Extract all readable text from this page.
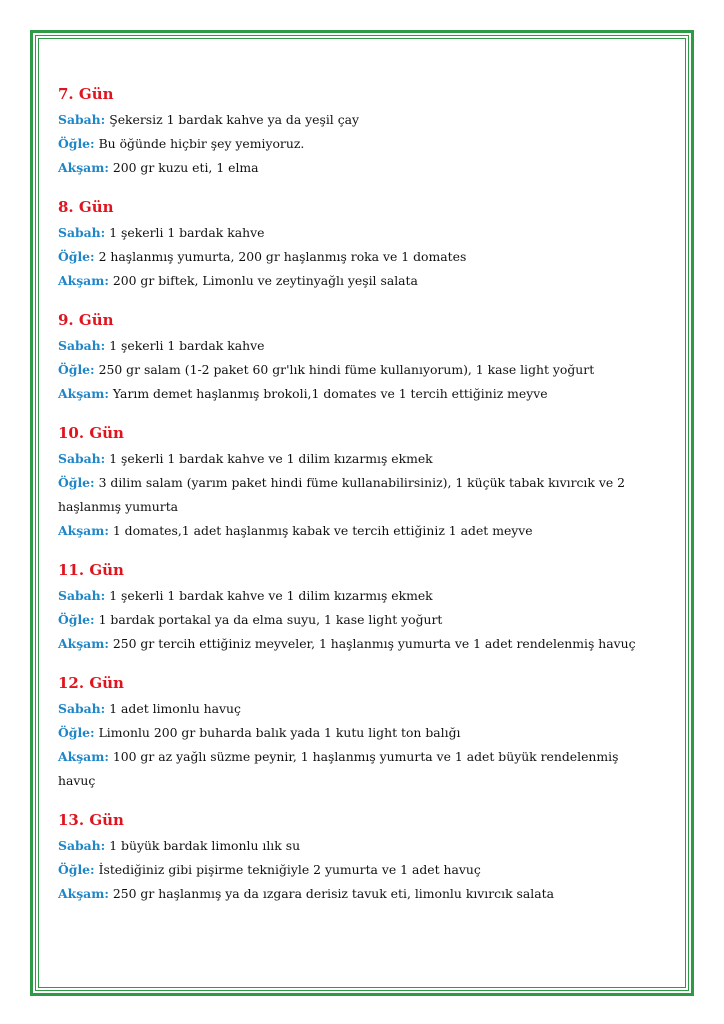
7. Gün

Sabah: Şekersiz 1 bardak kahve ya da yeşil çay

Öğle: Bu öğünde hiçbir şey yemiyoruz.

Akşam: 200 gr kuzu eti, 1 elma

8. Gün

Sabah: 1 şekerli 1 bardak kahve

Öğle: 2 haşlanmış yumurta, 200 gr haşlanmış roka ve 1 domates

Akşam: 200 gr biftek, Limonlu ve zeytinyağlı yeşil salata

9. Gün

Sabah: 1 şekerli 1 bardak kahve

Öğle: 250 gr salam (1-2 paket 60 gr'lık hindi füme kullanıyorum), 1 kase light yoğurt

Akşam: Yarım demet haşlanmış brokoli,1 domates ve 1 tercih ettiğiniz meyve

10. Gün

Sabah: 1 şekerli 1 bardak kahve ve 1 dilim kızarmış ekmek

Öğle: 3 dilim salam (yarım paket hindi füme kullanabilirsiniz), 1 küçük tabak kıvırcık ve 2 haşlanmış yumurta

Akşam: 1 domates,1 adet haşlanmış kabak ve tercih ettiğiniz 1 adet meyve

11. Gün

Sabah: 1 şekerli 1 bardak kahve ve 1 dilim kızarmış ekmek

Öğle: 1 bardak portakal ya da elma suyu, 1 kase light yoğurt

Akşam: 250 gr tercih ettiğiniz meyveler, 1 haşlanmış yumurta ve 1 adet rendelenmiş havuç

12. Gün

Sabah: 1 adet limonlu havuç

Öğle: Limonlu 200 gr buharda balık yada 1 kutu light ton balığı

Akşam: 100 gr az yağlı süzme peynir, 1 haşlanmış yumurta ve 1 adet büyük rendelenmiş havuç

13. Gün

Sabah: 1 büyük bardak limonlu ılık su

Öğle: İstediğiniz gibi pişirme tekniğiyle 2 yumurta ve 1 adet havuç

Akşam: 250 gr haşlanmış ya da ızgara derisiz tavuk eti, limonlu kıvırcık salata
